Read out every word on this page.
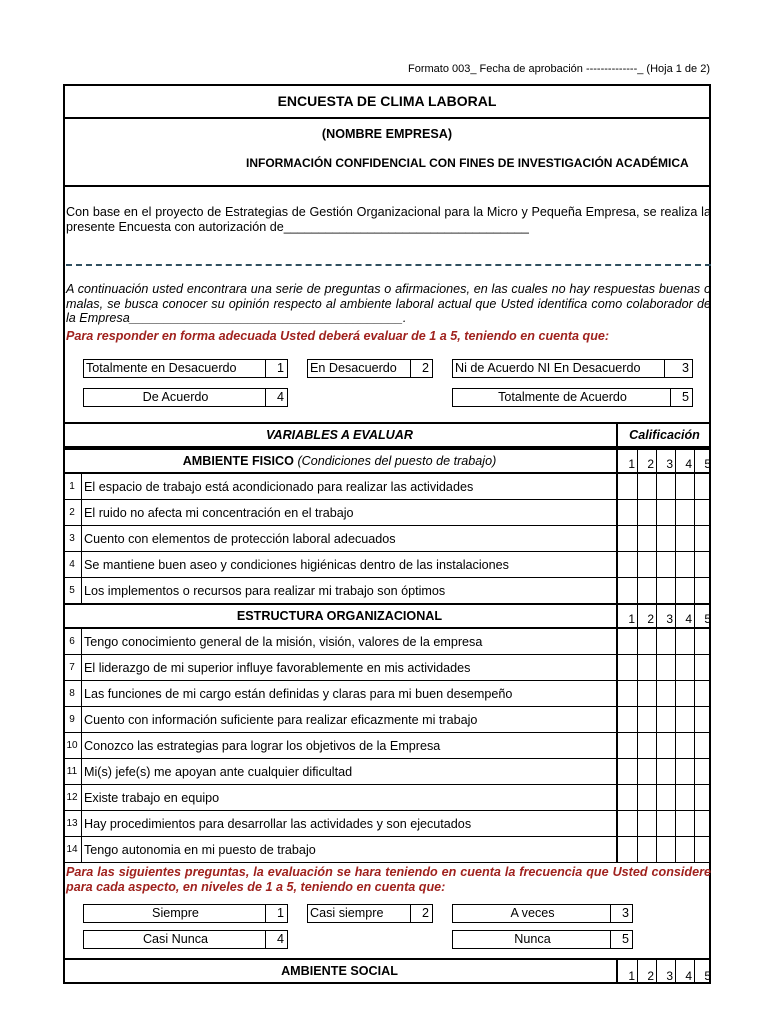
Formato 003_ Fecha de aprobación --------------_ (Hoja 1 de 2)
ENCUESTA DE CLIMA LABORAL
(NOMBRE EMPRESA)
INFORMACIÓN CONFIDENCIAL CON FINES DE INVESTIGACIÓN ACADÉMICA
Con base en el proyecto de Estrategias de Gestión Organizacional para la Micro y Pequeña Empresa, se realiza la presente Encuesta con autorización de___________________________________
A continuación usted encontrara una serie de preguntas o afirmaciones, en las cuales no hay respuestas buenas o malas, se busca conocer su opinión respecto al ambiente laboral actual que Usted identifica como colaborador de la Empresa_______________________________________.
Para responder en forma adecuada Usted deberá evaluar de 1 a 5, teniendo en cuenta que:
Totalmente en Desacuerdo	1 En Desacuerdo	2 Ni de Acuerdo NI En Desacuerdo	3
De Acuerdo	4	Totalmente de Acuerdo	5
VARIABLES A EVALUAR	Calificación
AMBIENTE FISICO (Condiciones del puesto de trabajo)	1 2 3 4 5
1 El espacio de trabajo está acondicionado para realizar las actividades
2 El ruido no afecta mi concentración en el trabajo
3 Cuento con elementos de protección laboral adecuados
4 Se mantiene buen aseo y condiciones higiénicas dentro de las instalaciones
5 Los implementos o recursos para realizar mi trabajo son óptimos
ESTRUCTURA ORGANIZACIONAL	1 2 3 4 5
6 Tengo conocimiento general de la misión, visión, valores de la empresa
7 El liderazgo de mi superior influye favorablemente en mis actividades
8 Las funciones de mi cargo están definidas y claras para mi buen desempeño
9 Cuento con información suficiente para realizar eficazmente mi trabajo
10 Conozco las estrategias para lograr los objetivos de la Empresa
11 Mi(s) jefe(s) me apoyan ante cualquier dificultad
12 Existe trabajo en equipo
13 Hay procedimientos para desarrollar las actividades y son ejecutados
14 Tengo autonomia en mi puesto de trabajo
Para las siguientes preguntas, la evaluación se hara teniendo en cuenta la frecuencia que Usted considere para cada aspecto, en niveles de 1 a 5, teniendo en cuenta que:
Siempre	1 Casi siempre	2	A veces	3
Casi Nunca	4	Nunca	5
AMBIENTE SOCIAL	1 2 3 4 5
